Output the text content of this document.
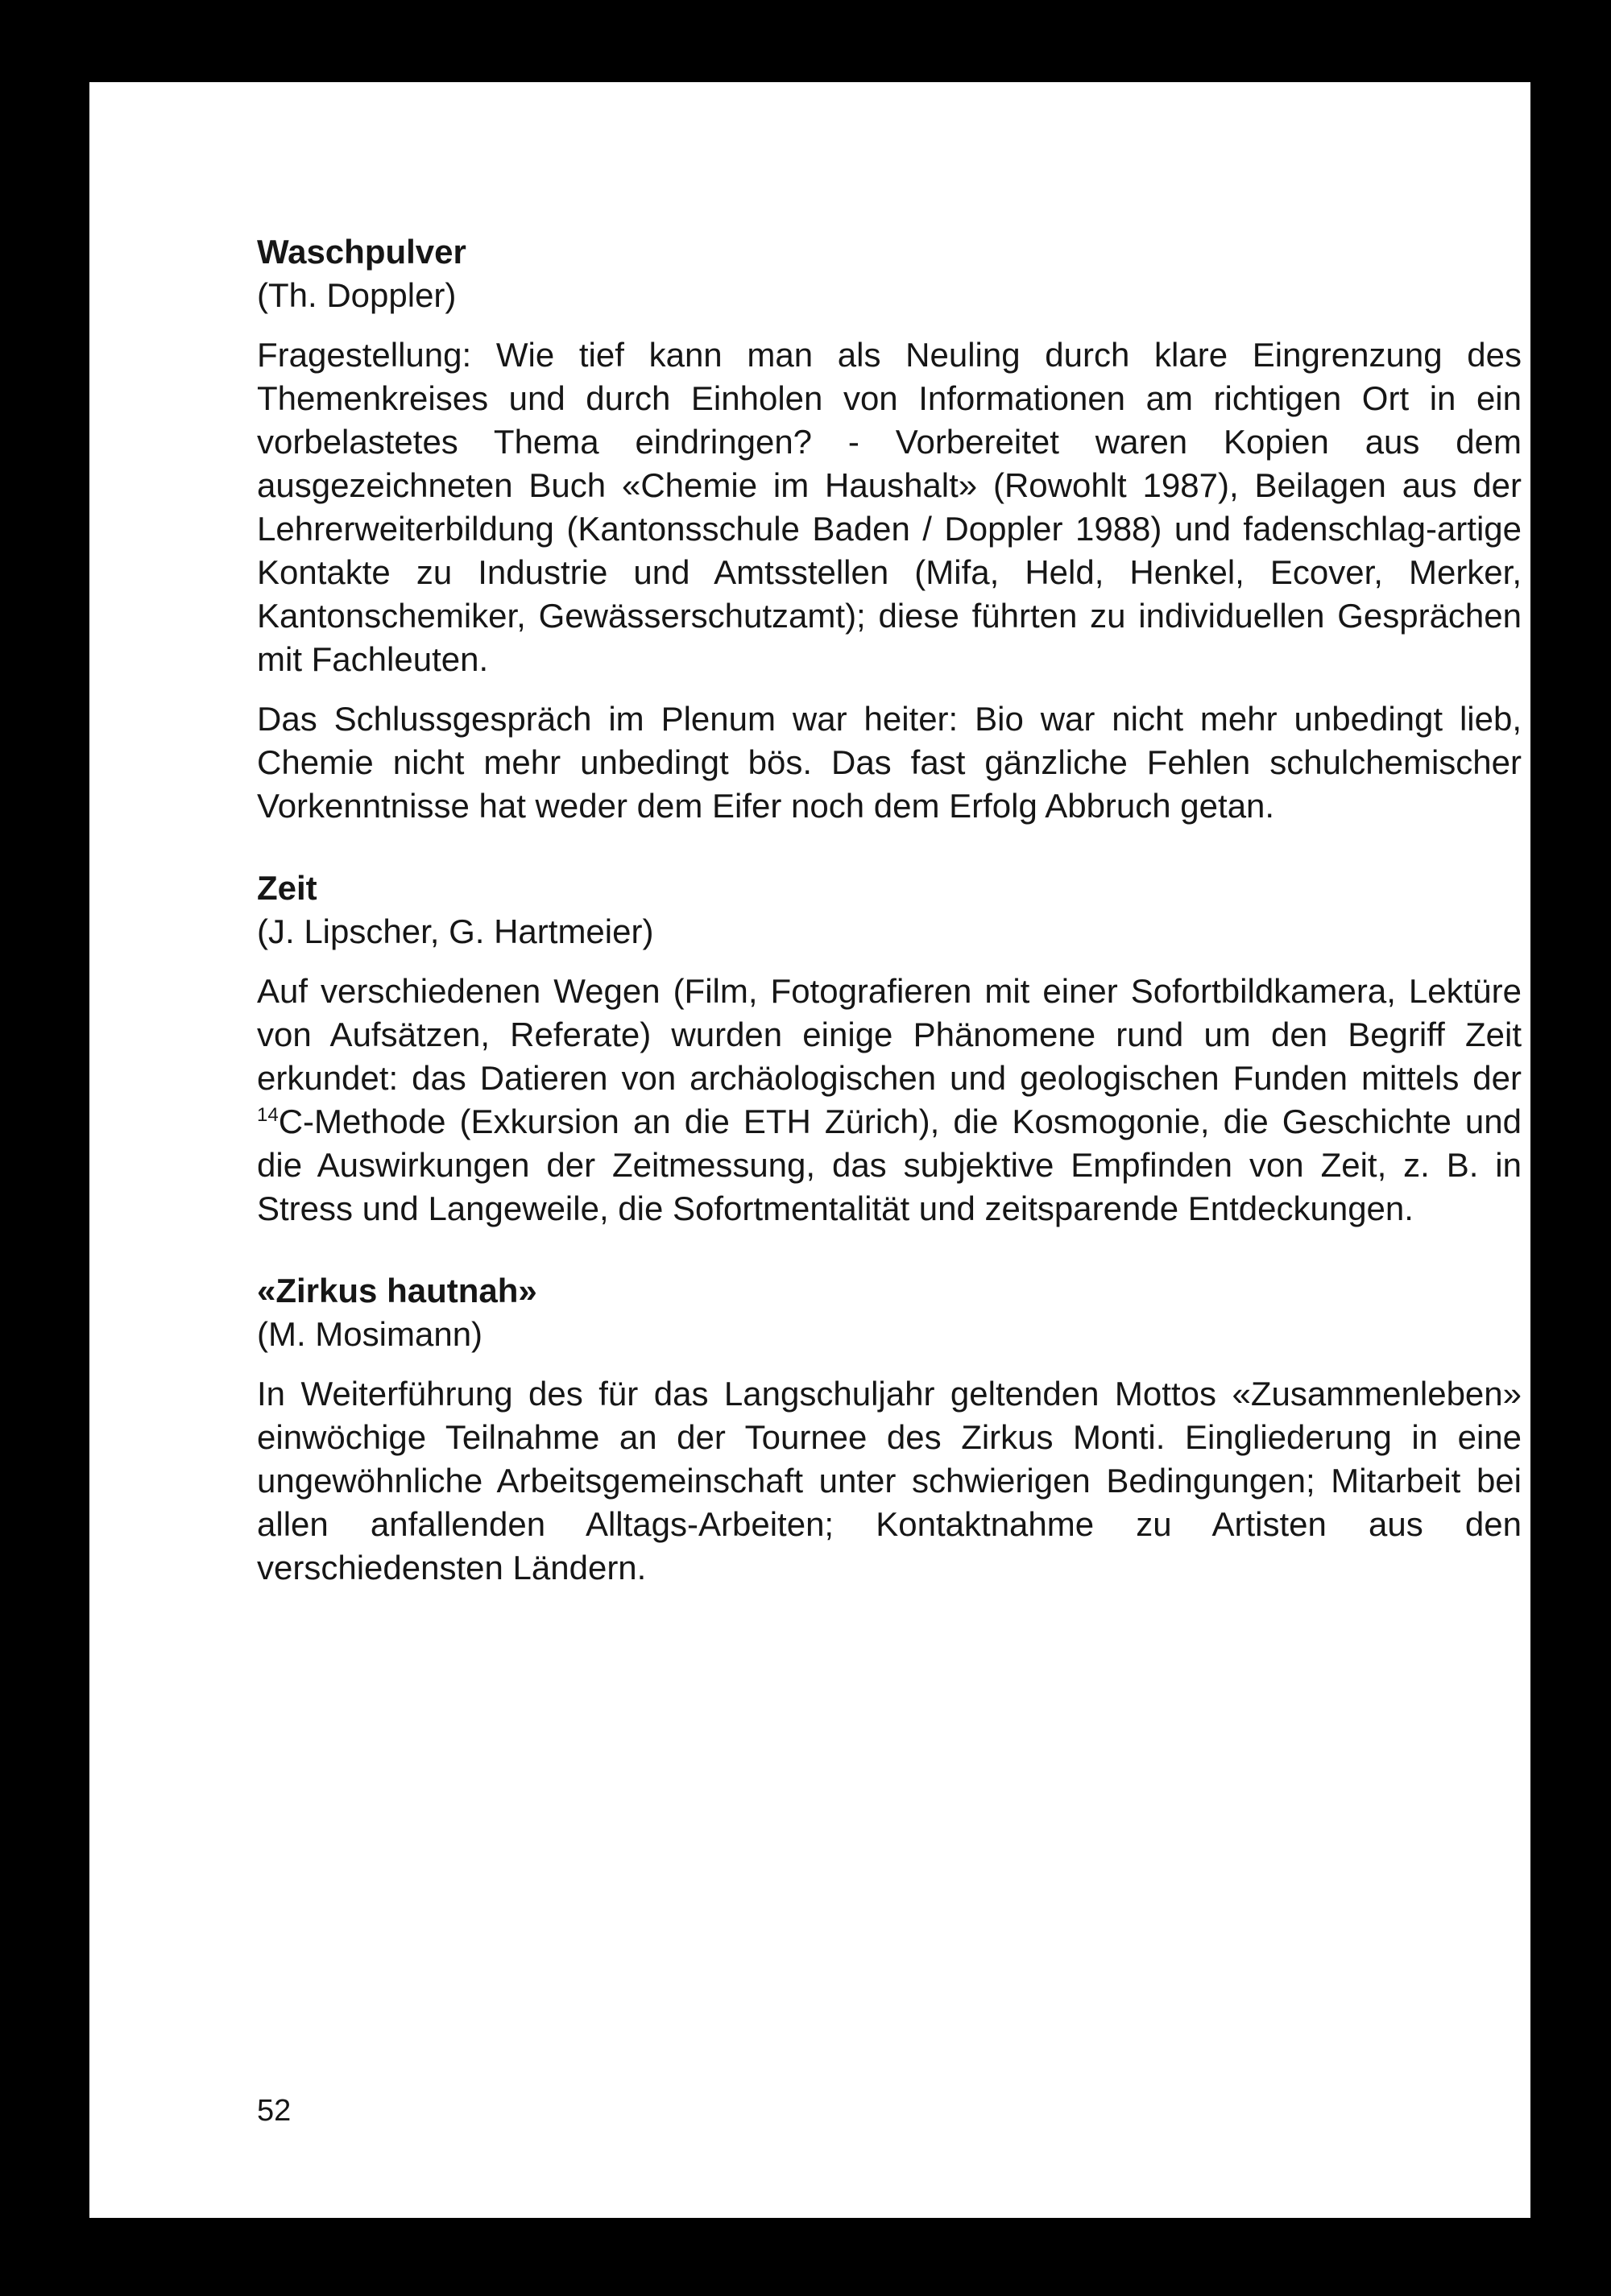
Waschpulver
(Th. Doppler)

Fragestellung: Wie tief kann man als Neuling durch klare Eingrenzung des Themenkreises und durch Einholen von Informationen am richtigen Ort in ein vorbelastetes Thema eindringen? - Vorbereitet waren Kopien aus dem ausgezeichneten Buch «Chemie im Haushalt» (Rowohlt 1987), Beilagen aus der Lehrerweiterbildung (Kantonsschule Baden / Doppler 1988) und fadenschlag-artige Kontakte zu Industrie und Amtsstellen (Mifa, Held, Henkel, Ecover, Merker, Kantonschemiker, Gewässerschutzamt); diese führten zu individuellen Gesprächen mit Fachleuten.

Das Schlussgespräch im Plenum war heiter: Bio war nicht mehr unbedingt lieb, Chemie nicht mehr unbedingt bös. Das fast gänzliche Fehlen schulchemischer Vorkenntnisse hat weder dem Eifer noch dem Erfolg Abbruch getan.

Zeit
(J. Lipscher, G. Hartmeier)

Auf verschiedenen Wegen (Film, Fotografieren mit einer Sofortbildkamera, Lektüre von Aufsätzen, Referate) wurden einige Phänomene rund um den Begriff Zeit erkundet: das Datieren von archäologischen und geologischen Funden mittels der $^{14}$C-Methode (Exkursion an die ETH Zürich), die Kosmogonie, die Geschichte und die Auswirkungen der Zeitmessung, das subjektive Empfinden von Zeit, z. B. in Stress und Langeweile, die Sofortmentalität und zeitsparende Entdeckungen.

«Zirkus hautnah»
(M. Mosimann)

In Weiterführung des für das Langschuljahr geltenden Mottos «Zusammenleben» einwöchige Teilnahme an der Tournee des Zirkus Monti. Eingliederung in eine ungewöhnliche Arbeitsgemeinschaft unter schwierigen Bedingungen; Mitarbeit bei allen anfallenden Alltags-Arbeiten; Kontaktnahme zu Artisten aus den verschiedensten Ländern.

52
